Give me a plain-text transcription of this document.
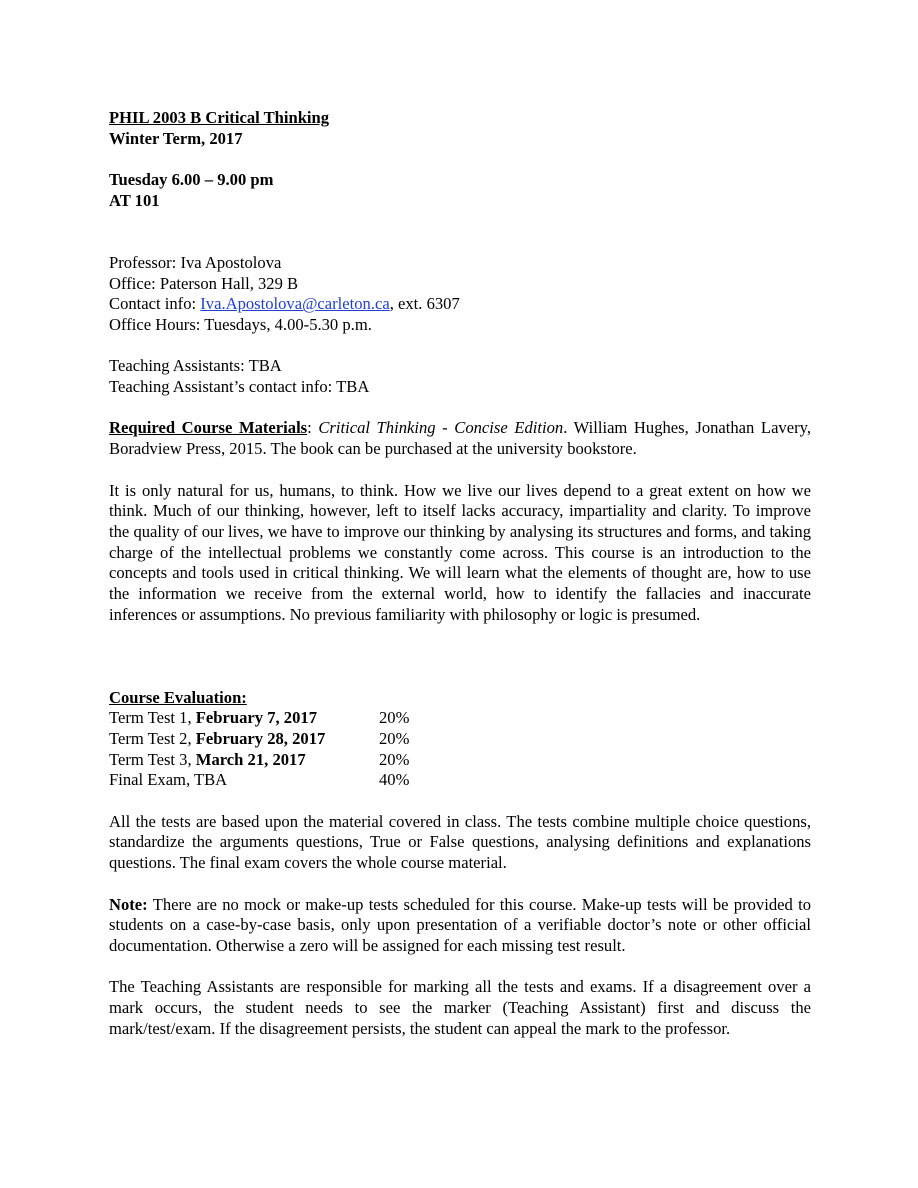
PHIL 2003 B Critical Thinking
Winter Term, 2017
Tuesday 6.00 – 9.00 pm
AT 101
Professor: Iva Apostolova
Office: Paterson Hall, 329 B
Contact info: Iva.Apostolova@carleton.ca, ext. 6307
Office Hours: Tuesdays, 4.00-5.30 p.m.
Teaching Assistants: TBA
Teaching Assistant’s contact info: TBA

Required Course Materials: Critical Thinking - Concise Edition. William Hughes, Jonathan Lavery, Boradview Press, 2015. The book can be purchased at the university bookstore.

It is only natural for us, humans, to think. How we live our lives depend to a great extent on how we think. Much of our thinking, however, left to itself lacks accuracy, impartiality and clarity. To improve the quality of our lives, we have to improve our thinking by analysing its structures and forms, and taking charge of the intellectual problems we constantly come across. This course is an introduction to the concepts and tools used in critical thinking. We will learn what the elements of thought are, how to use the information we receive from the external world, how to identify the fallacies and inaccurate inferences or assumptions. No previous familiarity with philosophy or logic is presumed.

Course Evaluation:
Term Test 1, February 7, 2017	20%
Term Test 2, February 28, 2017	20%
Term Test 3, March 21, 2017	20%
Final Exam, TBA	40%

All the tests are based upon the material covered in class. The tests combine multiple choice questions, standardize the arguments questions, True or False questions, analysing definitions and explanations questions. The final exam covers the whole course material.

Note: There are no mock or make-up tests scheduled for this course. Make-up tests will be provided to students on a case-by-case basis, only upon presentation of a verifiable doctor’s note or other official documentation. Otherwise a zero will be assigned for each missing test result.

The Teaching Assistants are responsible for marking all the tests and exams. If a disagreement over a mark occurs, the student needs to see the marker (Teaching Assistant) first and discuss the mark/test/exam. If the disagreement persists, the student can appeal the mark to the professor.
